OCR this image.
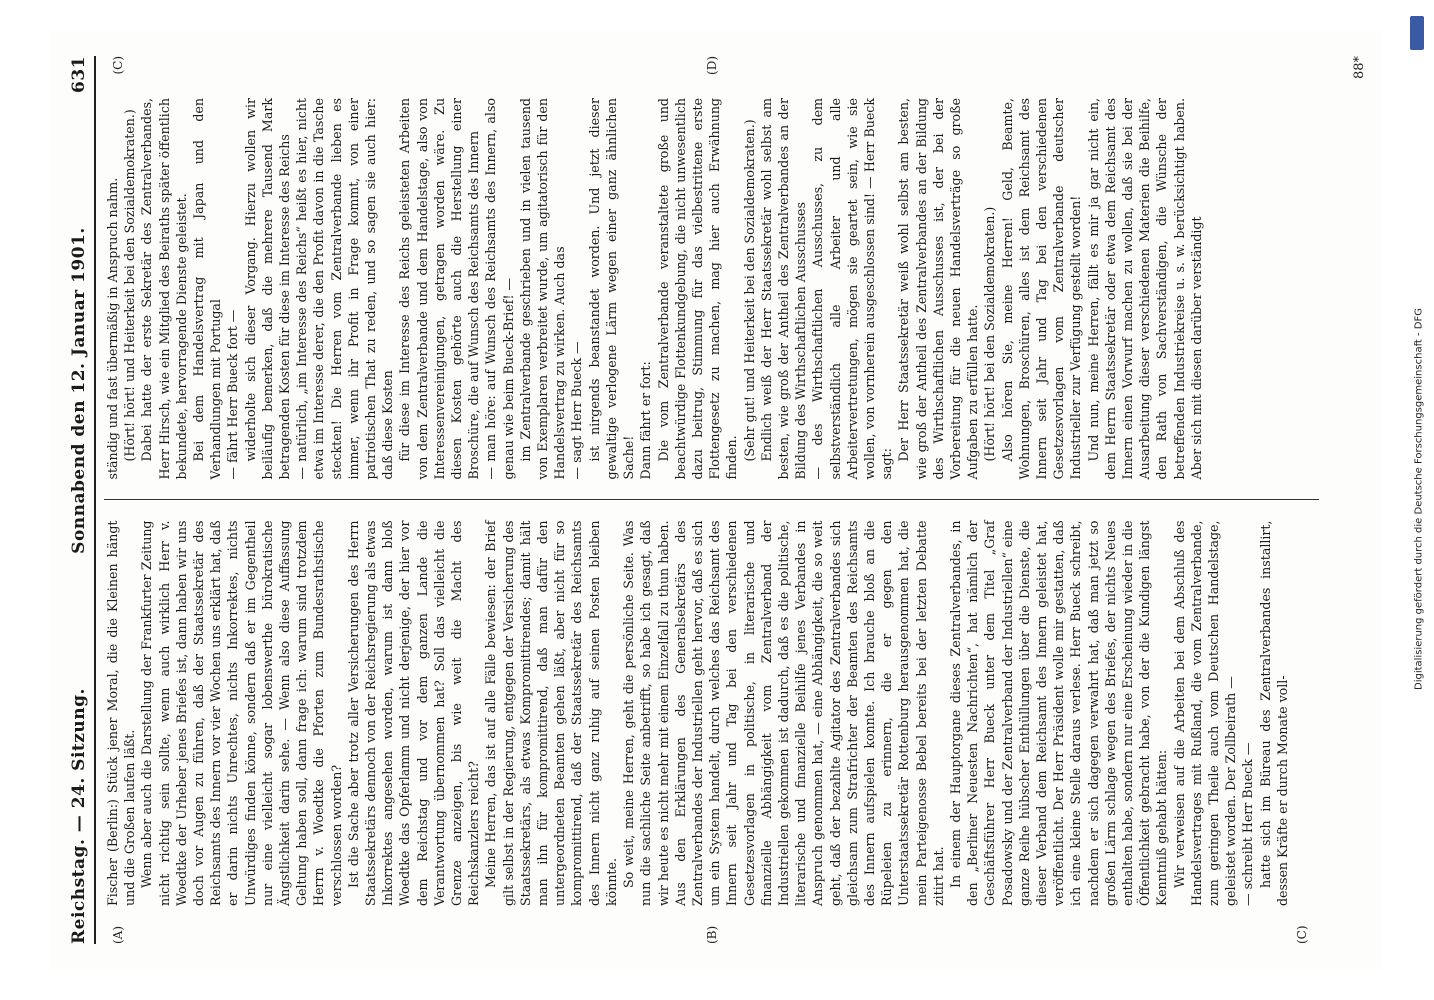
Reichstag. — 24. Sitzung.
Sonnabend den 12. Januar 1901.
631
(A)	(B)	(C)

Fischer (Berlin:) Stück jener Moral, die die Kleinen hängt und die Großen laufen läßt. Wenn aber auch die Darstellung der Frankfurter Zeitung nicht richtig sein sollte, wenn auch wirklich Herr v. Woedtke der Urheber jenes Briefes ist, dann haben wir uns doch vor Augen zu führen, daß der Staatssekretär des Reichsamts des Innern vor vier Wochen uns erklärt hat, daß er darin nichts Unrechtes, nichts Inkorrektes, nichts Unwürdiges finden könne, sondern daß er im Gegentheil nur eine vielleicht sogar lobenswerthe bürokratische Ängstlichkeit darin sehe. — Wenn also diese Auffassung Geltung haben soll, dann frage ich: warum sind trotzdem Herrn v. Woedtke die Pforten zum Bundesrathstische verschlossen worden? Ist die Sache aber trotz aller Versicherungen des Herrn Staatssekretärs dennoch von der Reichsregierung als etwas Inkorrektes angesehen worden, warum ist dann bloß Woedtke das Opferlamm und nicht derjenige, der hier vor dem Reichstag und vor dem ganzen Lande die Verantwortung übernommen hat? Soll das vielleicht die Grenze anzeigen, bis wie weit die Macht des Reichskanzlers reicht? Meine Herren, das ist auf alle Fälle bewiesen: der Brief gilt selbst in der Regierung, entgegen der Versicherung des Staatssekretärs, als etwas Kompromittirendes; damit hält man ihn für kompromittirend, daß man dafür den untergeordneten Beamten gehen läßt, aber nicht für so kompromittirend, daß der Staatssekretär des Reichsamts des Innern nicht ganz ruhig auf seinen Posten bleiben könnte. So weit, meine Herren, geht die persönliche Seite. Was nun die sachliche Seite anbetrifft, so habe ich gesagt, daß wir heute es nicht mehr mit einem Einzelfall zu thun haben. Aus den Erklärungen des Generalsekretärs des Zentralverbandes der Industriellen geht hervor, daß es sich um ein System handelt, durch welches das Reichsamt des Innern seit Jahr und Tag bei den verschiedenen Gesetzesvorlagen in politische, in literarische und finanzielle Abhängigkeit vom Zentralverband der Industriellen gekommen ist dadurch, daß es die politische, literarische und finanzielle Beihilfe jenes Verbandes in Anspruch genommen hat, — eine Abhängigkeit, die so weit geht, daß der bezahlte Agitator des Zentralverbandes sich gleichsam zum Strafrichter der Beamten des Reichsamts des Innern aufspielen konnte. Ich brauche bloß an die Rüpeleien zu erinnern, die er gegen den Unterstaatssekretär Rottenburg herausgenommen hat, die mein Parteigenosse Bebel bereits bei der letzten Debatte zitirt hat. In einem der Hauptorgane dieses Zentralverbandes, in den „Berliner Neuesten Nachrichten“, hat nämlich der Geschäftsführer Herr Bueck unter dem Titel „Graf Posadowsky und der Zentralverband der Industriellen“ eine ganze Reihe hübscher Enthüllungen über die Dienste, die dieser Verband dem Reichsamt des Innern geleistet hat, veröffentlicht. Der Herr Präsident wolle mir gestatten, daß ich eine kleine Stelle daraus verlese. Herr Bueck schreibt, nachdem er sich dagegen verwahrt hat, daß man jetzt so großen Lärm schlage wegen des Briefes, der nichts Neues enthalten habe, sondern nur eine Erscheinung wieder in die Öffentlichkeit gebracht habe, von der die Kundigen längst Kenntniß gehabt hätten: Wir verweisen auf die Arbeiten bei dem Abschluß des Handelsvertrages mit Rußland, die vom Zentralverbande, zum geringen Theile auch vom Deutschen Handelstage, geleistet worden. Der Zollbeirath — — schreibt Herr Bueck — hatte sich im Büreau des Zentralverbandes installirt, dessen Kräfte er durch Monate voll-

(C)	(D)

ständig und fast übermäßig in Anspruch nahm. (Hört! hört! und Heiterkeit bei den Sozialdemokraten.) Dabei hatte der erste Sekretär des Zentralverbandes, Herr Hirsch, wie ein Mitglied des Beiraths später öffentlich bekundete, hervorragende Dienste geleistet. Bei dem Handelsvertrag mit Japan und den Verhandlungen mit Portugal — fährt Herr Bueck fort — widerholte sich dieser Vorgang. Hierzu wollen wir beiläufig bemerken, daß die mehrere Tausend Mark betragenden Kosten für diese im Interesse des Reichs — natürlich, „im Interesse des Reichs“ heißt es hier, nicht etwa im Interesse derer, die den Profit davon in die Tasche steckten! Die Herren vom Zentralverbande lieben es immer, wenn ihr Profit in Frage kommt, von einer patriotischen That zu reden, und so sagen sie auch hier: daß diese Kosten für diese im Interesse des Reichs geleisteten Arbeiten von dem Zentralverbande und dem Handelstage, also von Interessenvereinigungen, getragen worden wäre. Zu diesen Kosten gehörte auch die Herstellung einer Broschüre, die auf Wunsch des Reichsamts des Innern — man höre: auf Wunsch des Reichsamts des Innern, also genau wie beim Bueck-Brief! — im Zentralverbande geschrieben und in vielen tausend von Exemplaren verbreitet wurde, um agitatorisch für den Handelsvertrag zu wirken. Auch das — sagt Herr Bueck — ist nirgends beanstandet worden. Und jetzt dieser gewaltige verlogene Lärm wegen einer ganz ähnlichen Sache! Dann fährt er fort: Die vom Zentralverbande veranstaltete große und beachtwürdige Flottenkundgebung, die nicht unwesentlich dazu beitrug, Stimmung für das vielbestrittene erste Flottengesetz zu machen, mag hier auch Erwähnung finden. (Sehr gut! und Heiterkeit bei den Sozialdemokraten.) Endlich weiß der Herr Staatssekretär wohl selbst am besten, wie groß der Antheil des Zentralverbandes an der Bildung des Wirthschaftlichen Ausschusses — des Wirthschaftlichen Ausschusses, zu dem selbstverständlich alle Arbeiter und alle Arbeitervertretungen, mögen sie geartet sein, wie sie wollen, von vornherein ausgeschlossen sind! — Herr Bueck sagt:

Der Herr Staatssekretär weiß wohl selbst am besten, wie groß der Antheil des Zentralverbandes an der Bildung des Wirthschaftlichen Ausschusses ist, der bei der Vorbereitung für die neuen Handelsverträge so große Aufgaben zu erfüllen hatte. (Hört! hört! bei den Sozialdemokraten.) Also hören Sie, meine Herren! Geld, Beamte, Wohnungen, Broschüren, alles ist dem Reichsamt des Innern seit Jahr und Tag bei den verschiedenen Gesetzesvorlagen vom Zentralverbande deutscher Industrieller zur Verfügung gestellt worden! Und nun, meine Herren, fällt es mir ja gar nicht ein, dem Herrn Staatssekretär oder etwa dem Reichsamt des Innern einen Vorwurf machen zu wollen, daß sie bei der Ausarbeitung dieser verschiedenen Materien die Beihilfe, den Rath von Sachverständigen, die Wünsche der betreffenden Industriekreise u. s. w. berücksichtigt haben. Aber sich mit diesen darüber verständigt

88*
Digitalisierung gefördert durch die Deutsche Forschungsgemeinschaft - DFG
